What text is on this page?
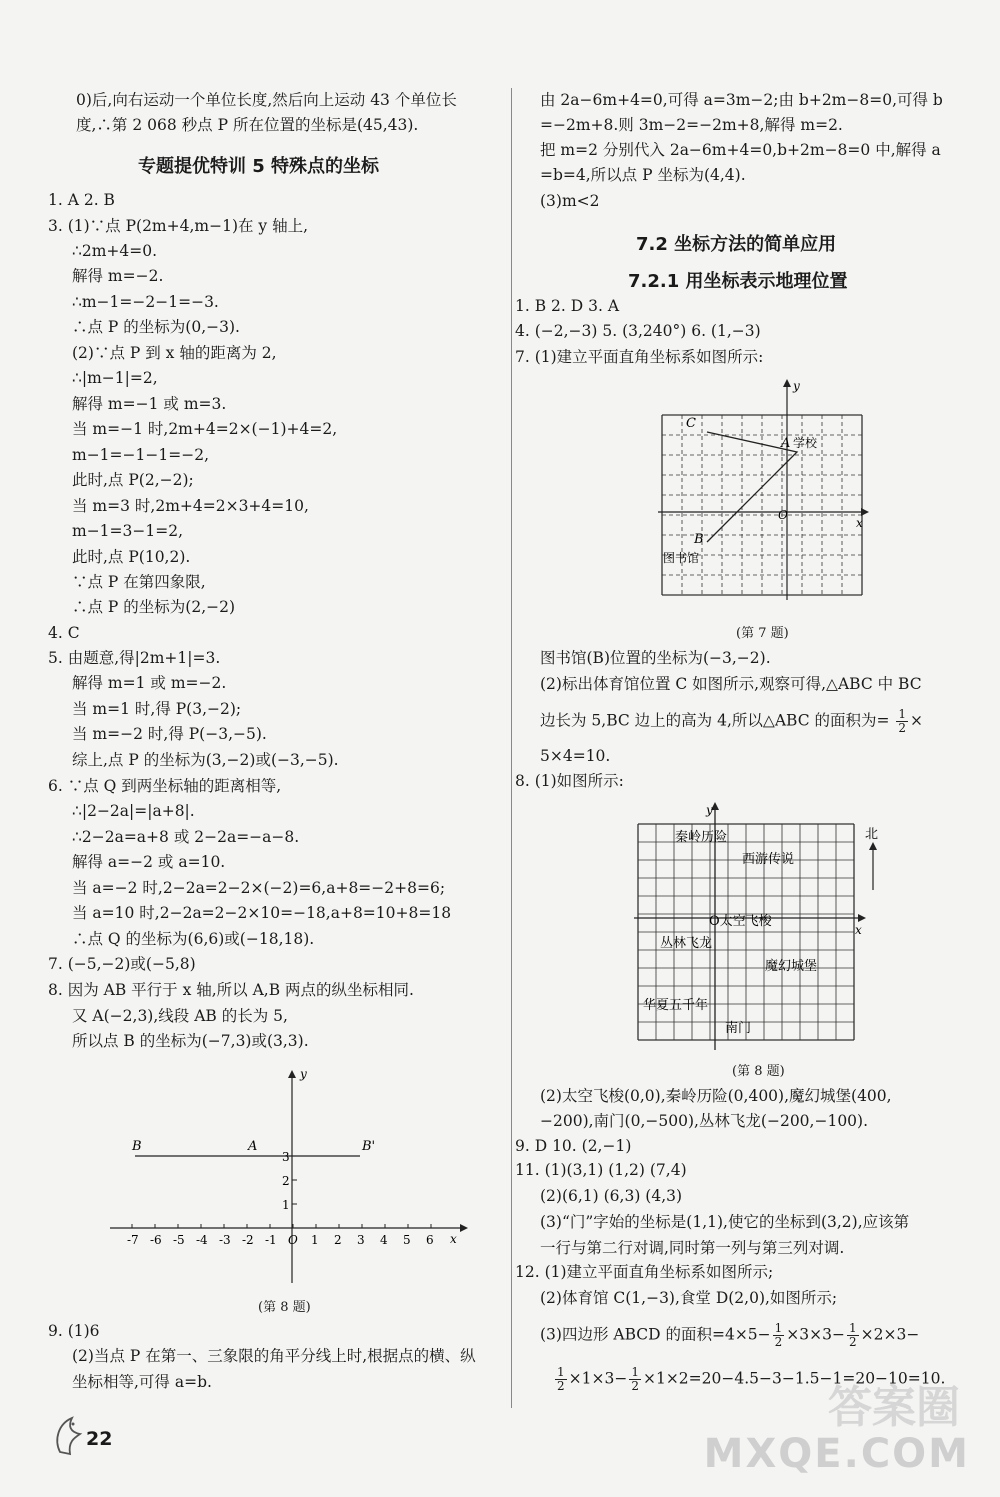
0)后,向右运动一个单位长度,然后向上运动 43 个单位长
度,∴第 2 068 秒点 P 所在位置的坐标是(45,43).
1. A 2. B
3. (1)∵点 P(2m+4,m−1)在 y 轴上,
∴2m+4=0.
解得 m=−2.
∴m−1=−2−1=−3.
∴点 P 的坐标为(0,−3).
(2)∵点 P 到 x 轴的距离为 2,
∴|m−1|=2,
解得 m=−1 或 m=3.
当 m=−1 时,2m+4=2×(−1)+4=2,
m−1=−1−1=−2,
此时,点 P(2,−2);
当 m=3 时,2m+4=2×3+4=10,
m−1=3−1=2,
此时,点 P(10,2).
∵点 P 在第四象限,
∴点 P 的坐标为(2,−2)
4. C
5. 由题意,得|2m+1|=3.
解得 m=1 或 m=−2.
当 m=1 时,得 P(3,−2);
当 m=−2 时,得 P(−3,−5).
综上,点 P 的坐标为(3,−2)或(−3,−5).
6. ∵点 Q 到两坐标轴的距离相等,
∴|2−2a|=|a+8|.
∴2−2a=a+8 或 2−2a=−a−8.
解得 a=−2 或 a=10.
当 a=−2 时,2−2a=2−2×(−2)=6,a+8=−2+8=6;
当 a=10 时,2−2a=2−2×10=−18,a+8=10+8=18
∴点 Q 的坐标为(6,6)或(−18,18).
7. (−5,−2)或(−5,8)
8. 因为 AB 平行于 x 轴,所以 A,B 两点的纵坐标相同.
又 A(−2,3),线段 AB 的长为 5,
所以点 B 的坐标为(−7,3)或(3,3).
9. (1)6
(2)当点 P 在第一、三象限的角平分线上时,根据点的横、纵
坐标相等,可得 a=b.
专题提优特训 5 特殊点的坐标
-7 -6 -5 -4 -3 -2 -1 O 1 2 3 4 5 6
1
2
3
x
y
B	A	B'
(第 8 题)
由 2a−6m+4=0,可得 a=3m−2;由 b+2m−8=0,可得 b
=−2m+8.则 3m−2=−2m+8,解得 m=2.
把 m=2 分别代入 2a−6m+4=0,b+2m−8=0 中,解得 a
=b=4,所以点 P 坐标为(4,4).
(3)m<2
1. B 2. D 3. A
4. (−2,−3) 5. (3,240°) 6. (1,−3)
7. (1)建立平面直角坐标系如图所示:
图书馆(B)位置的坐标为(−3,−2).
(2)标出体育馆位置 C 如图所示,观察可得,△ABC 中 BC
5×4=10.
8. (1)如图所示:
(2)太空飞梭(0,0),秦岭历险(0,400),魔幻城堡(400,
−200),南门(0,−500),丛林飞龙(−200,−100).
9. D 10. (2,−1)
11. (1)(3,1) (1,2) (7,4)
(2)(6,1) (6,3) (4,3)
(3)“门”字始的坐标是(1,1),使它的坐标到(3,2),应该第
一行与第二行对调,同时第一列与第三列对调.
12. (1)建立平面直角坐标系如图所示;
(2)体育馆 C(1,−3),食堂 D(2,0),如图所示;
7.2 坐标方法的简单应用
7.2.1 用坐标表示地理位置
C
A 学校
O
B
图书馆
x
y
(第 7 题)
北
x
y
秦岭历险
西游传说
O太空飞梭
丛林飞龙
魔幻城堡
华夏五千年
南门
(第 8 题)
边长为 5,BC 边上的高为 4,所以△ABC 的面积为= $\frac{1}{2}$ ×
(3)四边形 ABCD 的面积$=4\times 5- \frac{1}{2} \times 3\times 3- \frac{1}{2} \times 2\times 3-$
$\frac{1}{2} \times 1\times 3- \frac{1}{2} \times 1\times 2=20-4.5-3-1.5-1=20-10=10$.
22
答案圈
MXQE.COM
